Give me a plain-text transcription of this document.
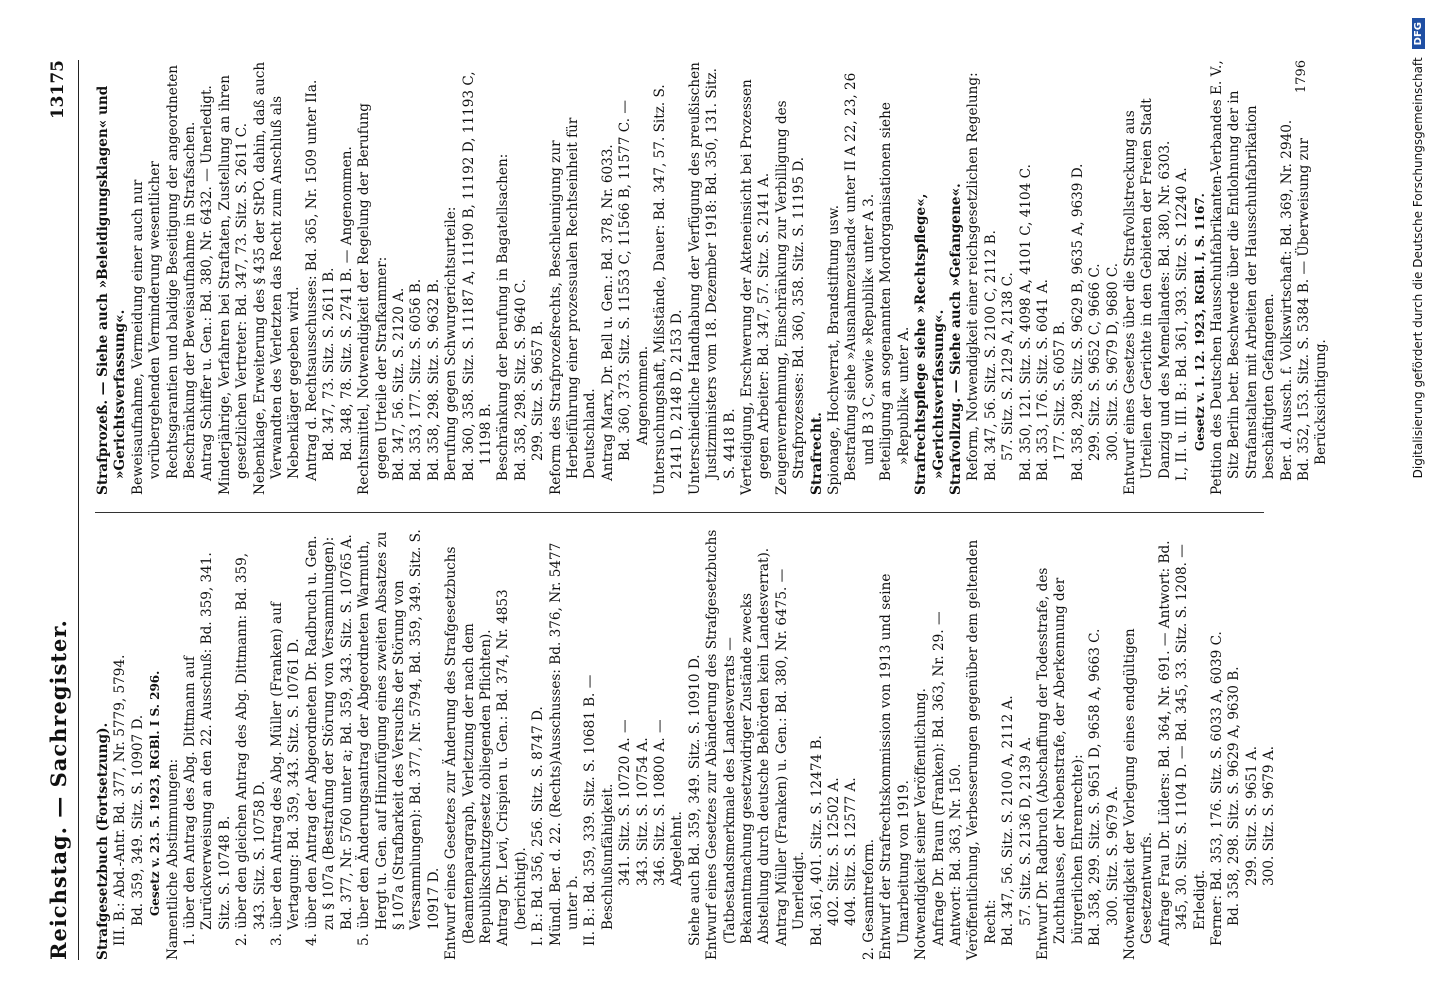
Reichstag. — Sachregister.
13175

Strafgesetzbuch (Fortsetzung). III. B.: Abd.-Antr. Bd. 377, Nr. 5779, 5794. Bd. 359, 349. Sitz. S. 10907 D. Gesetz v. 23. 5. 1923, RGBl. I S. 296. Namentliche Abstimmungen: 1. über den Antrag des Abg. Dittmann auf Zurückverweisung an den 22. Ausschuß: Bd. 359, 341. Sitz. S. 10748 B. 2. über den gleichen Antrag des Abg. Dittmann: Bd. 359, 343. Sitz. S. 10758 D. 3. über den Antrag des Abg. Müller (Franken) auf Vertagung: Bd. 359, 343. Sitz. S. 10761 D. 4. über den Antrag der Abgeordneten Dr. Radbruch u. Gen. zu § 107a (Bestrafung der Störung von Versammlungen): Bd. 377, Nr. 5760 unter a; Bd. 359, 343. Sitz. S. 10765 A. 5. über den Änderungsantrag der Abgeordneten Warmuth, Hergt u. Gen. auf Hinzufügung eines zweiten Absatzes zu § 107a (Strafbarkeit des Versuchs der Störung von Versammlungen): Bd. 377, Nr. 5794, Bd. 359, 349. Sitz. S. 10917 D. Entwurf eines Gesetzes zur Änderung des Strafgesetzbuchs (Beamtenparagraph, Verletzung der nach dem Republikschutzgesetz obliegenden Pflichten). Antrag Dr. Levi, Crispien u. Gen.: Bd. 374, Nr. 4853 (berichtigt). I. B.: Bd. 356, 256. Sitz. S. 8747 D. Mündl. Ber. d. 22. (Rechts)Ausschusses: Bd. 376, Nr. 5477 unter b. II. B.: Bd. 359, 339. Sitz. S. 10681 B. — Beschlußunfähigkeit. 341. Sitz. S. 10720 A. — 343. Sitz. S. 10754 A. 346. Sitz. S. 10800 A. — Abgelehnt. Siehe auch Bd. 359, 349. Sitz. S. 10910 D. Entwurf eines Gesetzes zur Abänderung des Strafgesetzbuchs (Tatbestandsmerkmale des Landesverrats — Bekanntmachung gesetzwidriger Zustände zwecks Abstellung durch deutsche Behörden kein Landesverrat). Antrag Müller (Franken) u. Gen.: Bd. 380, Nr. 6475. — Unerledigt. Bd. 361, 401. Sitz. S. 12474 B. 402. Sitz. S. 12502 A. 404. Sitz. S. 12577 A. 2. Gesamtreform. Entwurf der Strafrechtskommission von 1913 und seine Umarbeitung von 1919. Notwendigkeit seiner Veröffentlichung. Anfrage Dr. Braun (Franken): Bd. 363, Nr. 29. — Antwort: Bd. 363, Nr. 150. Veröffentlichung, Verbesserungen gegenüber dem geltenden Recht: Bd. 347, 56. Sitz. S. 2100 A, 2112 A. 57. Sitz. S. 2136 D, 2139 A. Entwurf Dr. Radbruch (Abschaffung der Todesstrafe, des Zuchthauses, der Nebenstrafe, der Aberkennung der bürgerlichen Ehrenrechte): Bd. 358, 299. Sitz. S. 9651 D, 9658 A, 9663 C. 300. Sitz. S. 9679 A. Notwendigkeit der Vorlegung eines endgültigen Gesetzentwurfs. Anfrage Frau Dr. Lüders: Bd. 364, Nr. 691. — Antwort: Bd. 345, 30. Sitz. S. 1104 D. — Bd. 345, 33. Sitz. S. 1208. — Erledigt. Ferner: Bd. 353, 176. Sitz. S. 6033 A, 6039 C. Bd. 358, 298. Sitz. S. 9629 A, 9630 B. 299. Sitz. S. 9651 A. 300. Sitz. S. 9679 A.

Strafprozeß. — Siehe auch »Beleidigungsklagen« und »Gerichtsverfassung«. Beweisaufnahme, Vermeidung einer auch nur vorübergehenden Verminderung wesentlicher Rechtsgarantien und baldige Beseitigung der angeordneten Beschränkung der Beweisaufnahme in Strafsachen. Antrag Schiffer u. Gen.: Bd. 380, Nr. 6432. — Unerledigt. Minderjährige, Verfahren bei Straftaten, Zustellung an ihren gesetzlichen Vertreter: Bd. 347, 73. Sitz. S. 2611 C. Nebenklage, Erweiterung des § 435 der StPO. dahin, daß auch Verwandten des Verletzten das Recht zum Anschluß als Nebenkläger gegeben wird. Antrag d. Rechtsausschusses: Bd. 365, Nr. 1509 unter IIa. Bd. 347, 73. Sitz. S. 2611 B. Bd. 348, 78. Sitz. S. 2741 B. — Angenommen. Rechtsmittel, Notwendigkeit der Regelung der Berufung gegen Urteile der Strafkammer: Bd. 347, 56. Sitz. S. 2120 A. Bd. 353, 177. Sitz. S. 6056 B. Bd. 358, 298. Sitz. S. 9632 B. Berufung gegen Schwurgerichtsurteile: Bd. 360, 358. Sitz. S. 11187 A, 11190 B, 11192 D, 11193 C, 11198 B. Beschränkung der Berufung in Bagatellsachen: Bd. 358, 298. Sitz. S. 9640 C. 299. Sitz. S. 9657 B. Reform des Strafprozeßrechts, Beschleunigung zur Herbeiführung einer prozessualen Rechtseinheit für Deutschland. Antrag Marx, Dr. Bell u. Gen.: Bd. 378, Nr. 6033. Bd. 360, 373. Sitz. S. 11553 C, 11566 B, 11577 C. — Angenommen. Untersuchungshaft, Mißstände, Dauer: Bd. 347, 57. Sitz. S. 2141 D, 2148 D, 2153 D. Unterschiedliche Handhabung der Verfügung des preußischen Justizministers vom 18. Dezember 1918: Bd. 350, 131. Sitz. S. 4418 B. Verteidigung, Erschwerung der Akteneinsicht bei Prozessen gegen Arbeiter: Bd. 347, 57. Sitz. S. 2141 A. Zeugenvernehmung, Einschränkung zur Verbilligung des Strafprozesses: Bd. 360, 358. Sitz. S. 11195 D. Strafrecht. Spionage, Hochverrat, Brandstiftung usw. Bestrafung siehe »Ausnahmezustand« unter II A 22, 23, 26 und B 3 C, sowie »Republik« unter A 3. Beteiligung an sogenannten Mordorganisationen siehe »Republik« unter A. Strafrechtspflege siehe »Rechtspflege«, »Gerichtsverfassung«. Strafvollzug. — Siehe auch »Gefangene«. Reform, Notwendigkeit einer reichsgesetzlichen Regelung: Bd. 347, 56. Sitz. S. 2100 C, 2112 B. 57. Sitz. S. 2129 A, 2138 C. Bd. 350, 121. Sitz. S. 4098 A, 4101 C, 4104 C. Bd. 353, 176. Sitz. S. 6041 A. 177. Sitz. S. 6057 B. Bd. 358, 298. Sitz. S. 9629 B, 9635 A, 9639 D. 299. Sitz. S. 9652 C, 9666 C. 300. Sitz. S. 9679 D, 9680 C. Entwurf eines Gesetzes über die Strafvollstreckung aus Urteilen der Gerichte in den Gebieten der Freien Stadt Danzig und des Memellandes: Bd. 380, Nr. 6303. I., II. u. III. B.: Bd. 361, 393. Sitz. S. 12240 A. Gesetz v. 1. 12. 1923, RGBl. I, S. 1167. Petition des Deutschen Hausschuhfabrikanten-Verbandes E. V., Sitz Berlin betr. Beschwerde über die Entlohnung der in Strafanstalten mit Arbeiten der Hausschuhfabrikation beschäftigten Gefangenen. Ber. d. Aussch. f. Volkswirtschaft: Bd. 369, Nr. 2940. Bd. 352, 153. Sitz. S. 5384 B. — Überweisung zur Berücksichtigung.

1796	Digitalisierung gefördert durch die Deutsche Forschungsgemeinschaft
DFG
